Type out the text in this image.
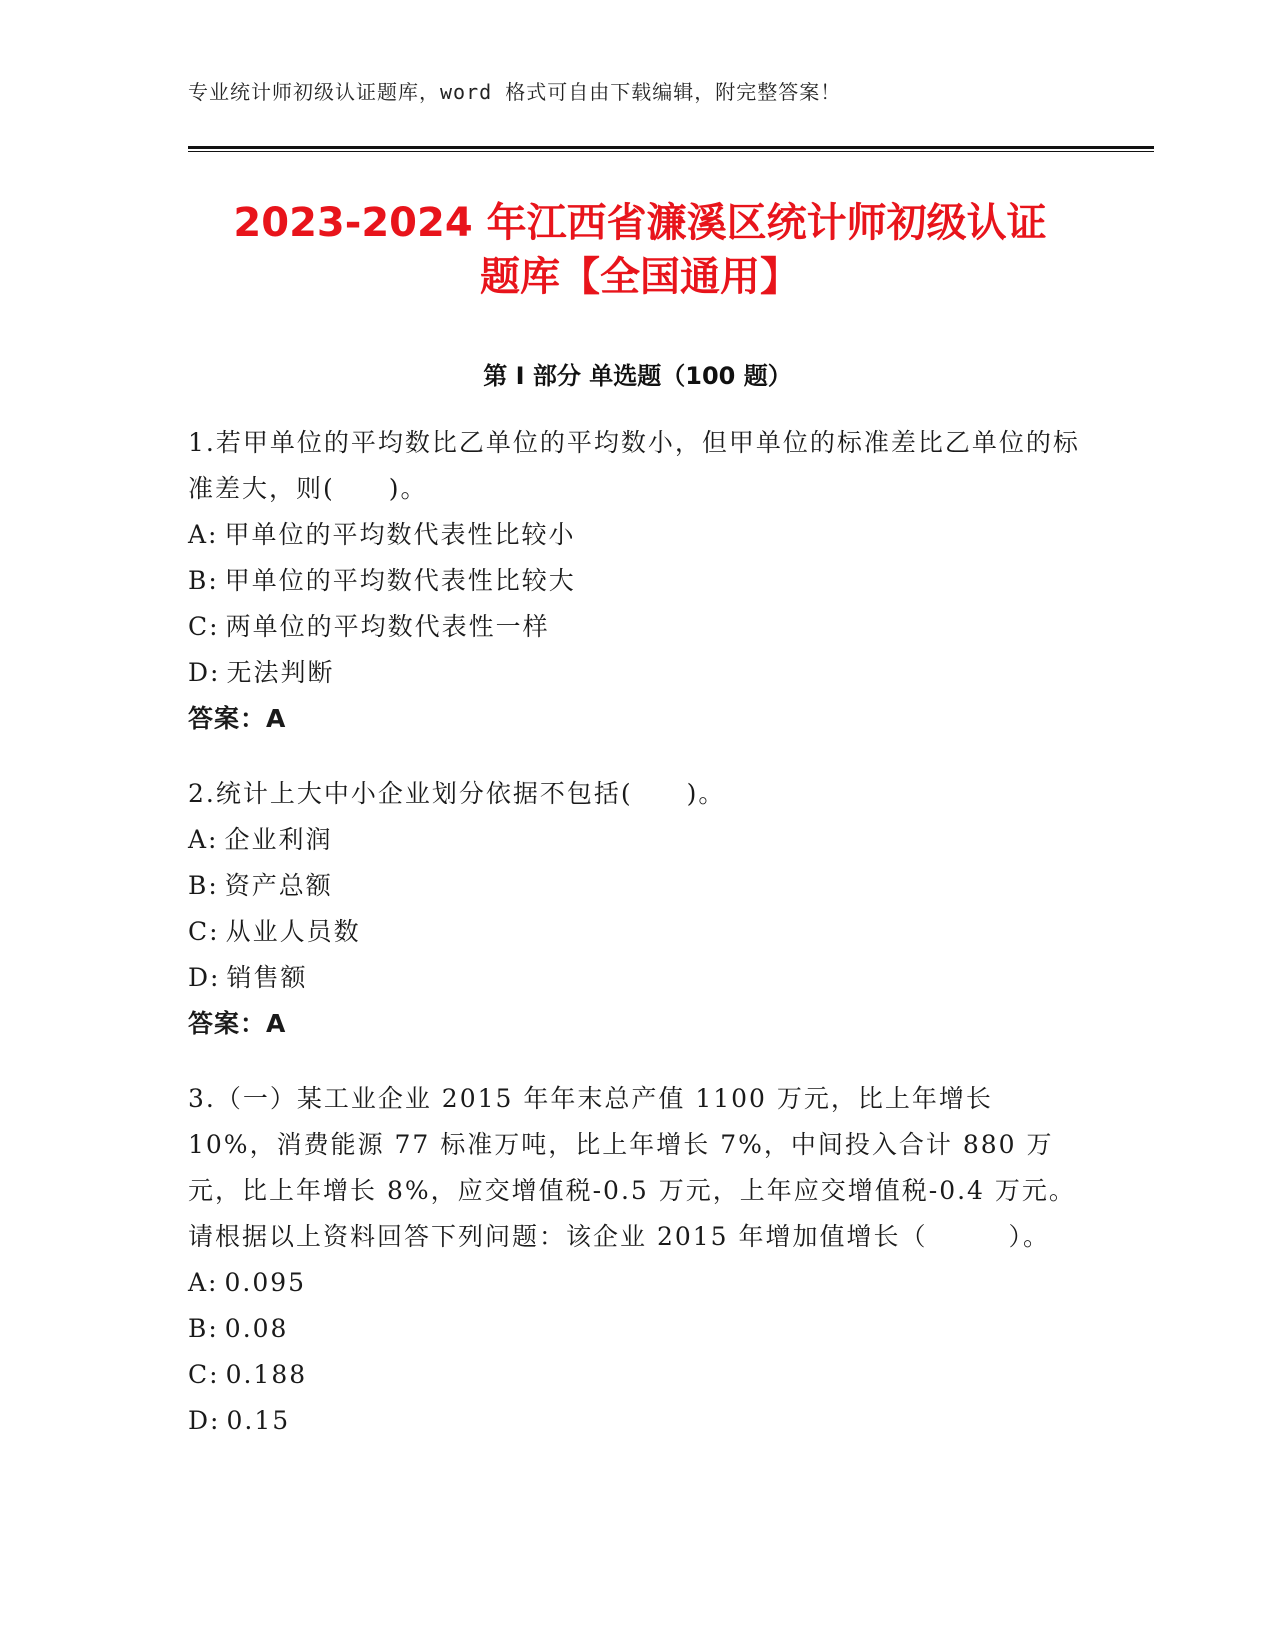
专业统计师初级认证题库，word 格式可自由下载编辑，附完整答案！
2023-2024 年江西省濂溪区统计师初级认证
题库【全国通用】
第 I 部分 单选题（100 题）
1.若甲单位的平均数比乙单位的平均数小，但甲单位的标准差比乙单位的标准差大，则(　　)。
A: 甲单位的平均数代表性比较小
B: 甲单位的平均数代表性比较大
C: 两单位的平均数代表性一样
D: 无法判断
答案：A
2.统计上大中小企业划分依据不包括(　　)。
A: 企业利润
B: 资产总额
C: 从业人员数
D: 销售额
答案：A
3.（一）某工业企业 2015 年年末总产值 1100 万元，比上年增长 10%，消费能源 77 标准万吨，比上年增长 7%，中间投入合计 880 万元，比上年增长 8%，应交增值税-0.5 万元，上年应交增值税-0.4 万元。请根据以上资料回答下列问题：该企业 2015 年增加值增长（　　　）。
A: 0.095
B: 0.08
C: 0.188
D: 0.15
